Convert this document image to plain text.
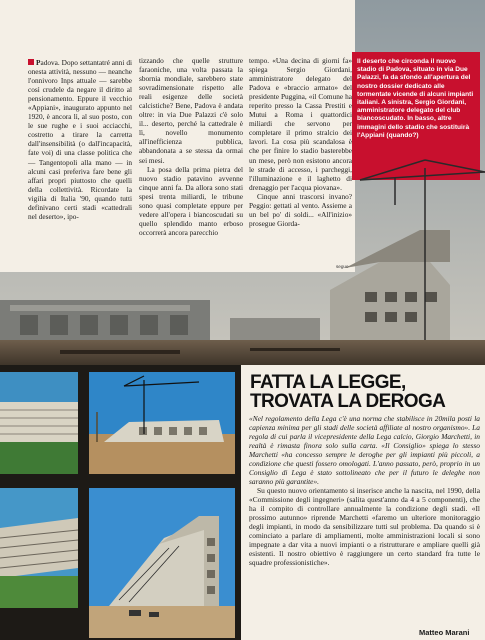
Padova. Dopo settantatré anni di onesta attività, nessuno — neanche l'onnivoro Inps attuale — sarebbe così crudele da negare il diritto al pensionamento. Eppure il vecchio «Appiani», inaugurato appunto nel 1920, è ancora lì, al suo posto, con le sue rughe e i suoi acciacchi, costretto a tirare la carretta dall'insensibilità (o dall'incapacità, fate voi) di una classe politica che — Tangentopoli alla mano — in alcuni casi preferiva fare bene gli affari propri piuttosto che quelli della collettività. Ricordate la vigilia di Italia '90, quando tutti definivano certi stadi «cattedrali nel deserto», ipo-

tizzando che quelle strutture faraoniche, una volta passata la sbornia mondiale, sarebbero state sovradimensionate rispetto alle reali esigenze delle società calcistiche? Bene, Padova è andata oltre: in via Due Palazzi c'è solo il... deserto, perché la cattedrale è lì, novello monumento all'inefficienza pubblica, abbandonata a se stessa da ormai sei mesi.

La posa della prima pietra del nuovo stadio patavino avvenne cinque anni fa. Da allora sono stati spesi trenta miliardi, le tribune sono quasi completate eppure per vedere all'opera i biancoscudati su quello splendido manto erboso occorrerà ancora parecchio

tempo. «Una decina di giorni fa» spiega Sergio Giordani, amministratore delegato del Padova e «braccio armato» del presidente Puggina, «il Comune ha reperito presso la Cassa Prestiti e Mutui a Roma i quattordici miliardi che servono per completare il primo stralcio dei lavori. La cosa più scandalosa è che per finire lo stadio basterebbe un mese, però non esistono ancora le strade di accesso, i parcheggi, l'illuminazione e il laghetto di drenaggio per l'acqua piovana».

Cinque anni trascorsi invano? Peggio: gettati al vento. Assieme a un bel po' di soldi... «All'inizio» prosegue Giorda-

segue
Il deserto che circonda il nuovo stadio di Padova, situato in via Due Palazzi, fa da sfondo all'apertura del nostro dossier dedicato alle tormentate vicende di alcuni impianti italiani. A sinistra, Sergio Giordani, amministratore delegato del club biancoscudato. In basso, altre immagini dello stadio che sostituirà l'Appiani (quando?)
FATTA LA LEGGE,
TROVATA LA DEROGA

«Nel regolamento della Lega c'è una norma che stabilisce in 20mila posti la capienza minima per gli stadi delle società affiliate al nostro organismo». La regola di cui parla il vicepresidente della Lega calcio, Giorgio Marchetti, in realtà è rimasta finora solo sulla carta. «Il Consiglio» spiega lo stesso Marchetti «ha concesso sempre le deroghe per gli impianti più piccoli, a condizione che questi fossero omologati. L'anno passato, però, proprio in un Consiglio di Lega è stato sottolineato che per il futuro le deleghe non saranno più garantite».

Su questo nuovo orientamento si inserisce anche la nascita, nel 1990, della «Commissione degli ingegneri» (salita quest'anno da 4 a 5 componenti), che ha il compito di controllare annualmente la condizione degli stadi. «Il prossimo autunno» riprende Marchetti «faremo un ulteriore monitoraggio degli impianti, in modo da sensibilizzare tutti sul problema. Da quando si è cominciato a parlare di ampliamenti, molte amministrazioni locali si sono impegnate a dar vita a nuovi impianti o a ristrutturare e ampliare quelli già esistenti. Il nostro obiettivo è raggiungere un certo standard fra tutte le squadre professionistiche».

Matteo Marani
